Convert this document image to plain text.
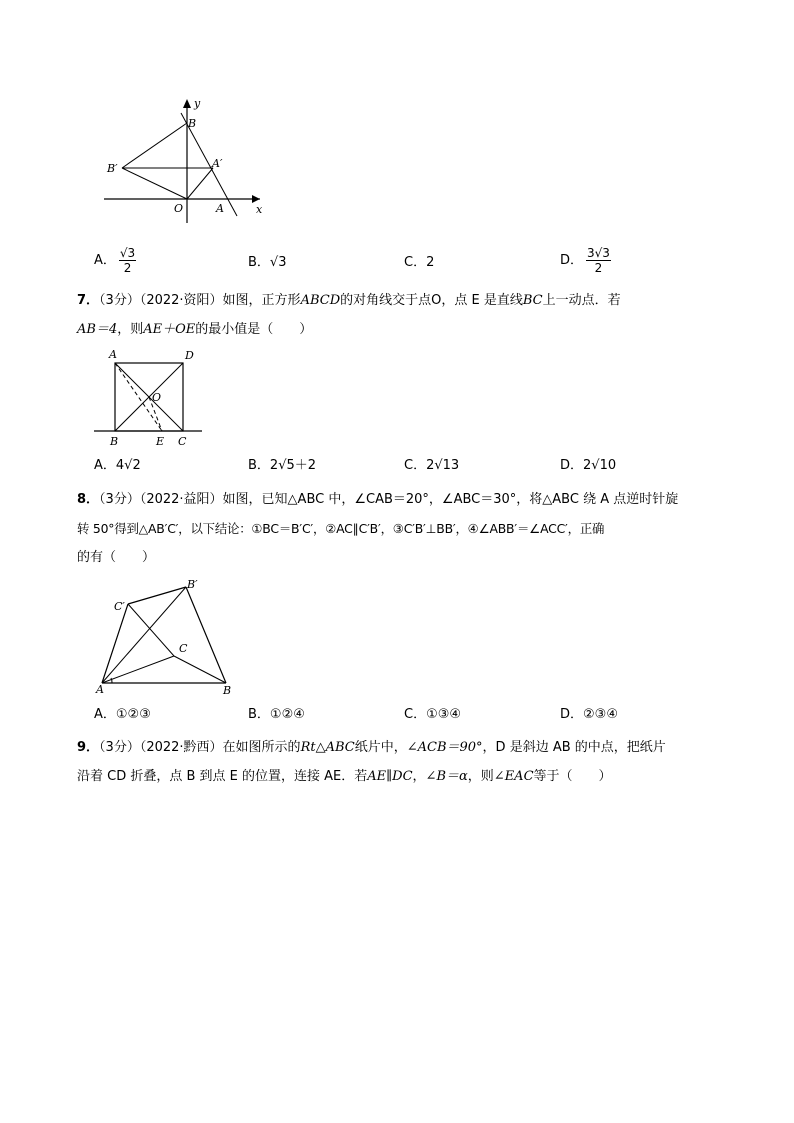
y
x
B
B′	A′
O	A
A． $\frac{√3}{2}$	B．√3	C．2	D． $\frac{3√3}{2}$
7．（3分）（2022·资阳）如图，正方形ABCD的对角线交于点O，点 E 是直线BC上一动点．若
AB＝4，则AE＋OE的最小值是（　　）
A	D
O
B	E C
A．4√2	B．2√5＋2	C．2√13	D．2√10
8．（3分）（2022·益阳）如图，已知△ABC 中，∠CAB＝20°，∠ABC＝30°，将△ABC 绕 A 点逆时针旋
转 50°得到△AB′C′，以下结论：①BC＝B′C′，②AC∥C′B′，③C′B′⊥BB′，④∠ABB′＝∠ACC′，正确
的有（　　）
B′
C′
C
A	B
A．①②③	B．①②④	C．①③④	D．②③④
9．（3分）（2022·黔西）在如图所示的Rt△ABC纸片中，∠ACB＝90°，D 是斜边 AB 的中点，把纸片
沿着 CD 折叠，点 B 到点 E 的位置，连接 AE．若AE∥DC，∠B＝α，则∠EAC等于（　　）
